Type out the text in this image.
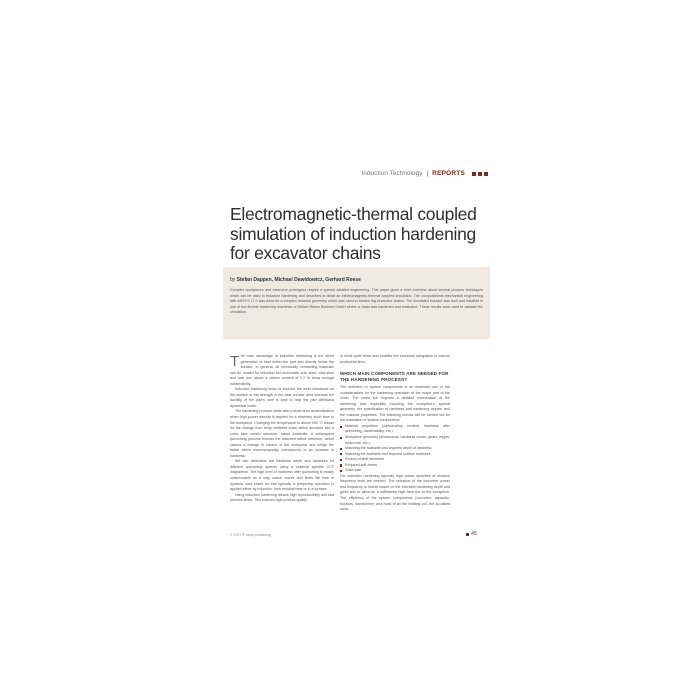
Induction Technology | REPORTS
Electromagnetic-thermal coupled simulation of induction hardening for excavator chains
by Stefan Dappen, Michael Dawidowicz, Gerhard Reese
Complex workpieces and extensive prototypes require a special detailed engineering. This paper gives a brief overview about several process techniques which can be used in induction hardening and describes in detail an electromagnetic-thermal coupled simulation. The computational mechanical engineering with ANSYS 17.0 was done for a complex inductor geometry which was used to harden big excavator chains. The simulated inductor was built and installed in one of the flexible hardening machines of Hütten-Reese Bochum GmbH where a chain was hardened and evaluated. These results were used to validate the simulation.

The main advantage of induction hardening is the direct generation of heat within the part and directly below the surface. In general, all electrically conducting materials can be heated by induction but technically only steel, cast steel and cast iron above a carbon content of 0.2 % show enough hardenability.

Induction hardening helps to improve the wear resistance on the surface or the strength in the near surface area whereas the ductility of the part's core is kept to help the part withstand dynamical loads.

The hardening process starts with a short-term austenitization when high power density is applied for a relatively short time to the workpiece. Changing the temperature to above 900 °C allows for the change from body centered cubic lattice structure into a cubic face centric structure, called Austenite. A subsequent quenching process freezes the distorted lattice structure, which causes a change in volume of the workpiece and brings the lattice which macroscopically corresponds to an increase in hardness.

We can determine the hardness depth and hardness for different quenching speeds using a material specific CCT diagramme. The high level of hardness after quenching is mostly unfavourable as it may cause cracks and limits life time in dynamic load cases so that typically a tempering operation is applied either by induction, from residual heat or in a furnace.

Using induction hardening means high reproducibility and fast process times. This ensures high product quality

in short cycle times and enables the economic integration in various production lines.

WHICH MAIN COMPONENTS ARE NEEDED FOR THE HARDENING PROCESS?

The selection of system components is an essential part of the considerations for the hardening operation of the major part of the chain. The chain link requires a detailed examination of the hardening task especially including the workpiece's special geometry, the specification of hardness and hardening depths, and the material properties. The following checks will be carried out for the evaluation of system components:

Material properties (carbon/alloy content, hardness after quenching, hardenability, etc.)
Workpiece geometry (dimensions, hardness zones, gears, edges, undercuts, etc.)
Matching the available and required depth of hardness
Matching the available and required surface hardness
Review of limit hardness
Required soft zones
Grain size

For induction hardening typically high power densities at medium frequency level are needed. The selection of the converter power and frequency is mainly based on the intended hardening depth and given aim to allow for a sufficiently high heat flux to the workpiece. The efficiency of the system components (converter, capacitor, busbars, transformer) and most of all the heating coil, the so-called induc

© 2017 ® heat processing	45
